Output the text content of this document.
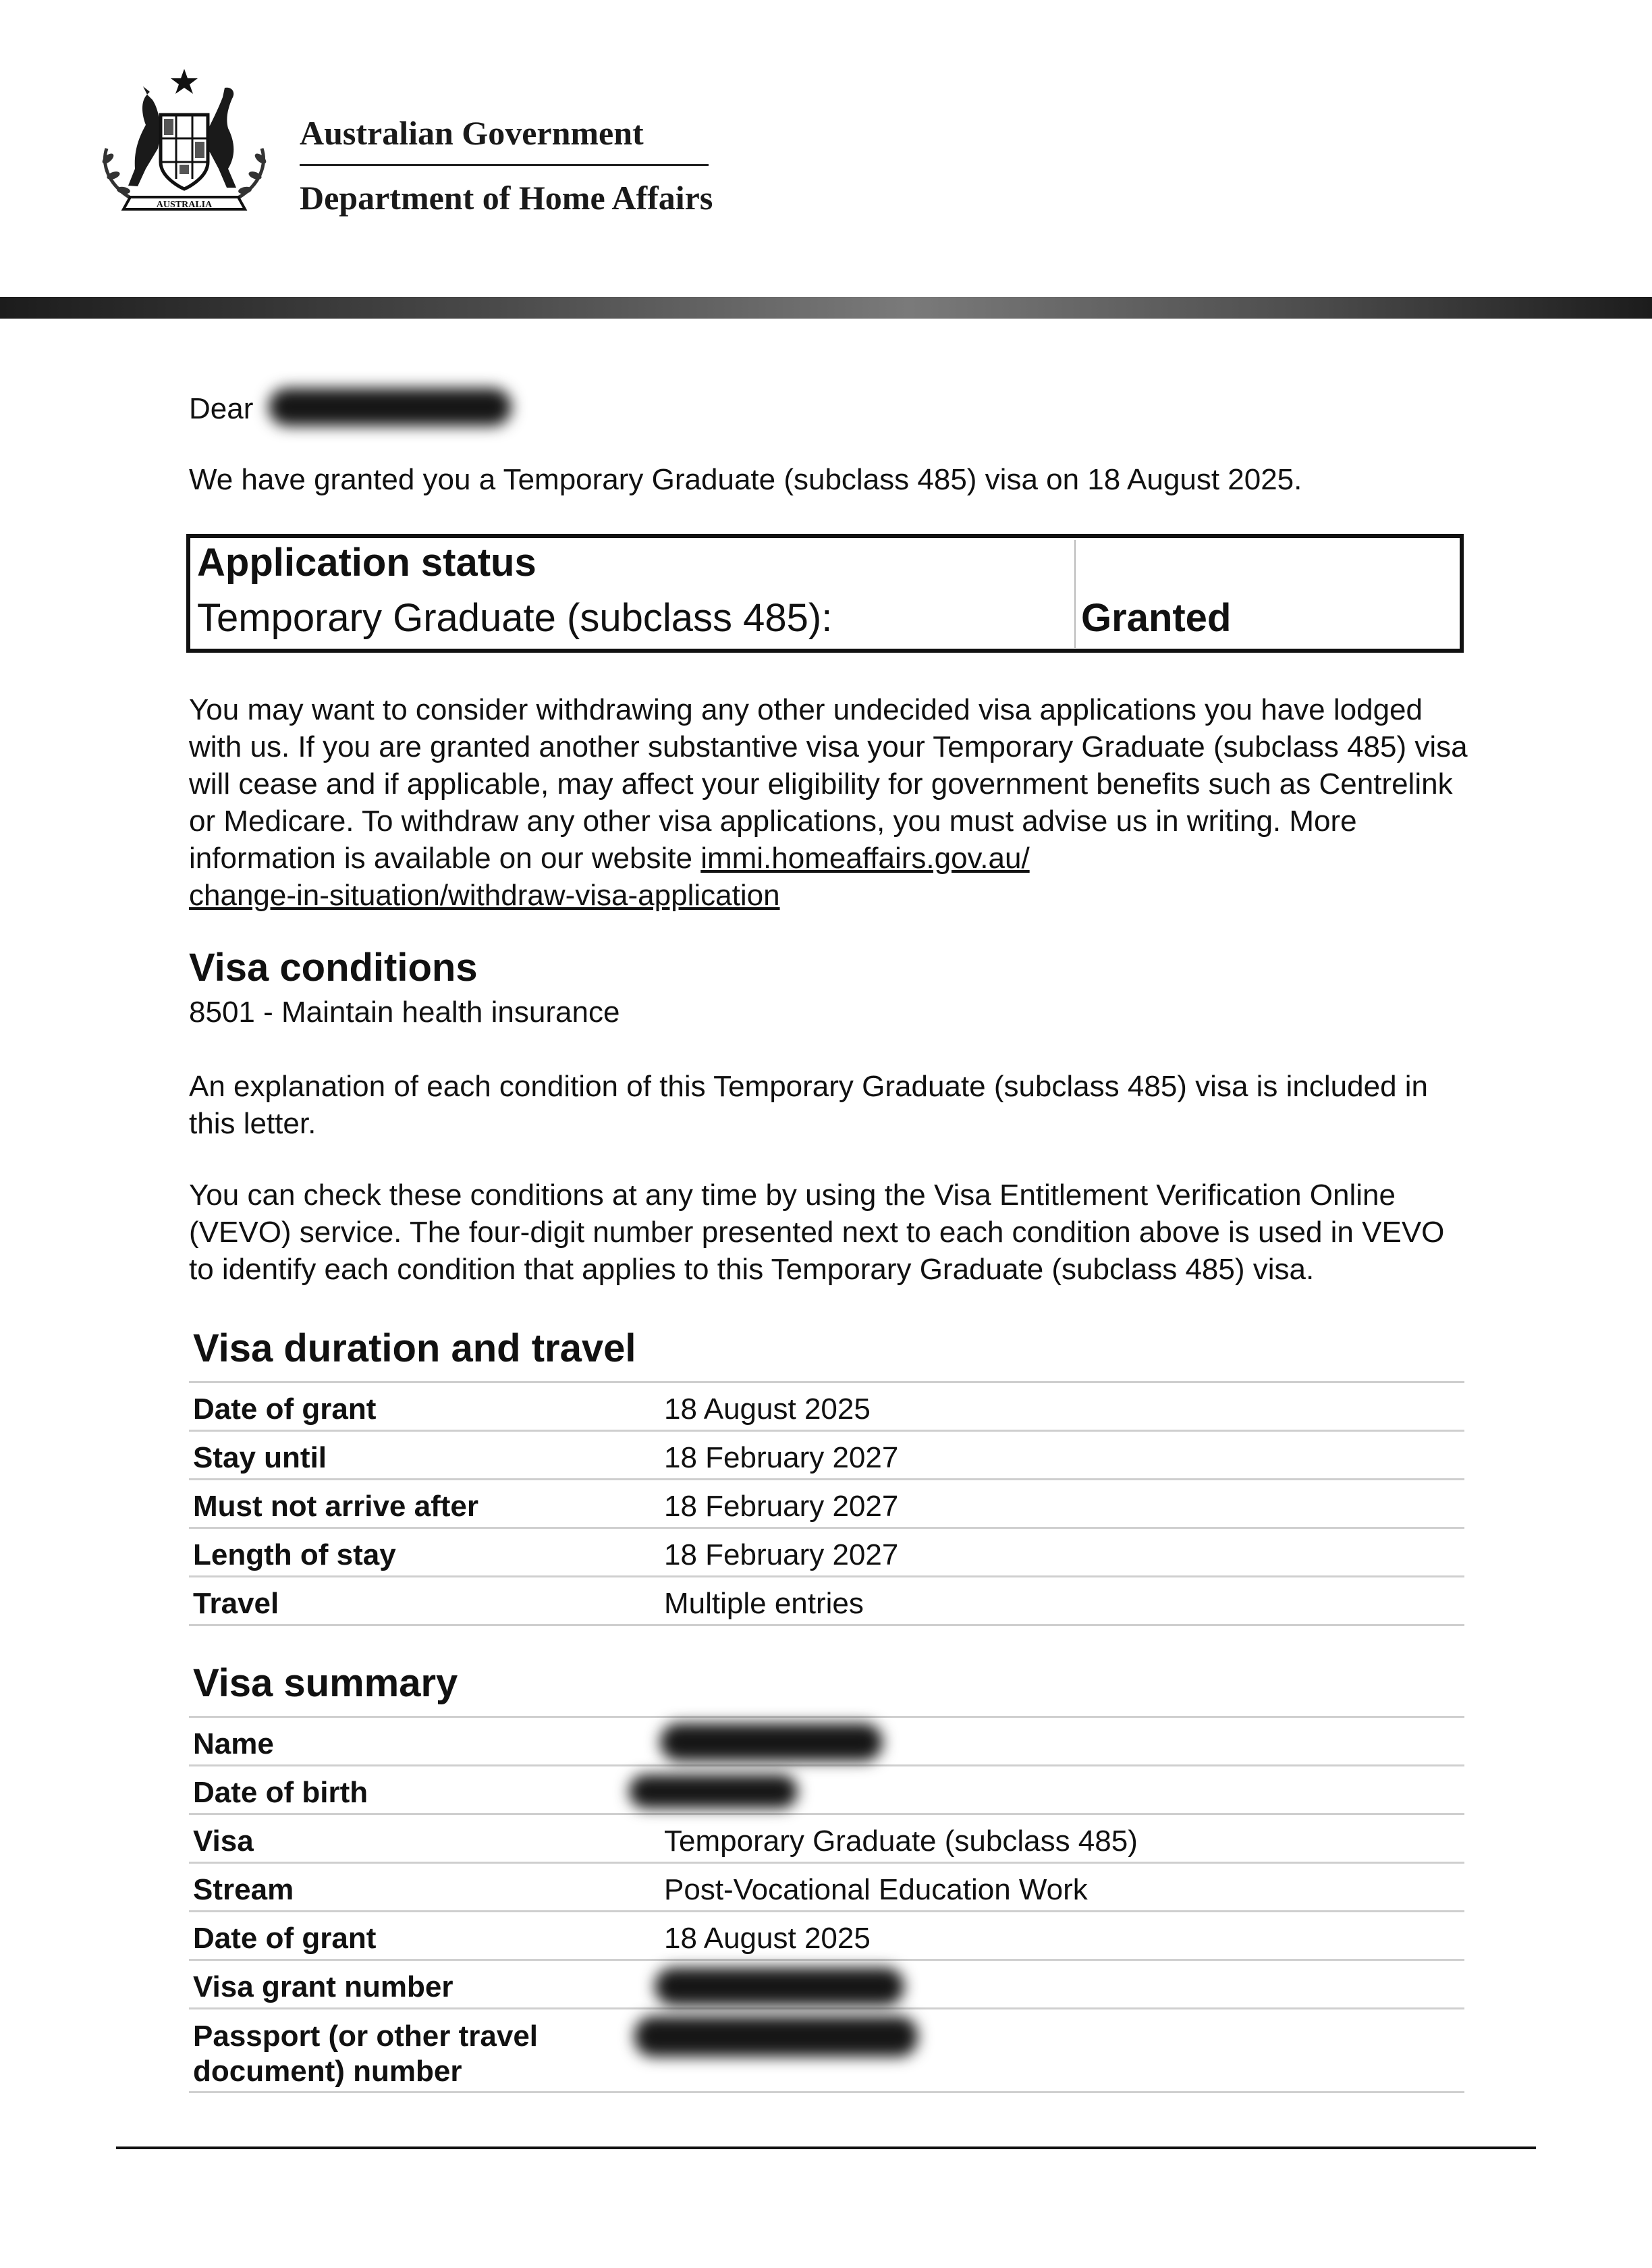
AUSTRALIA
Australian Government
Department of Home Affairs
Dear
We have granted you a Temporary Graduate (subclass 485) visa on 18 August 2025.
Application status
Temporary Graduate (subclass 485):	Granted
You may want to consider withdrawing any other undecided visa applications you have lodged with us. If you are granted another substantive visa your Temporary Graduate (subclass 485) visa will cease and if applicable, may affect your eligibility for government benefits such as Centrelink or Medicare. To withdraw any other visa applications, you must advise us in writing. More information is available on our website immi.homeaffairs.gov.au/
change-in-situation/withdraw-visa-application
Visa conditions
8501 - Maintain health insurance
An explanation of each condition of this Temporary Graduate (subclass 485) visa is included in this letter.
You can check these conditions at any time by using the Visa Entitlement Verification Online (VEVO) service. The four-digit number presented next to each condition above is used in VEVO to identify each condition that applies to this Temporary Graduate (subclass 485) visa.
Visa duration and travel
Date of grant	18 August 2025
Stay until	18 February 2027
Must not arrive after	18 February 2027
Length of stay	18 February 2027
Travel	Multiple entries
Visa summary
Name
Date of birth
Visa	Temporary Graduate (subclass 485)
Stream	Post-Vocational Education Work
Date of grant	18 August 2025
Visa grant number
Passport (or other travel document) number
